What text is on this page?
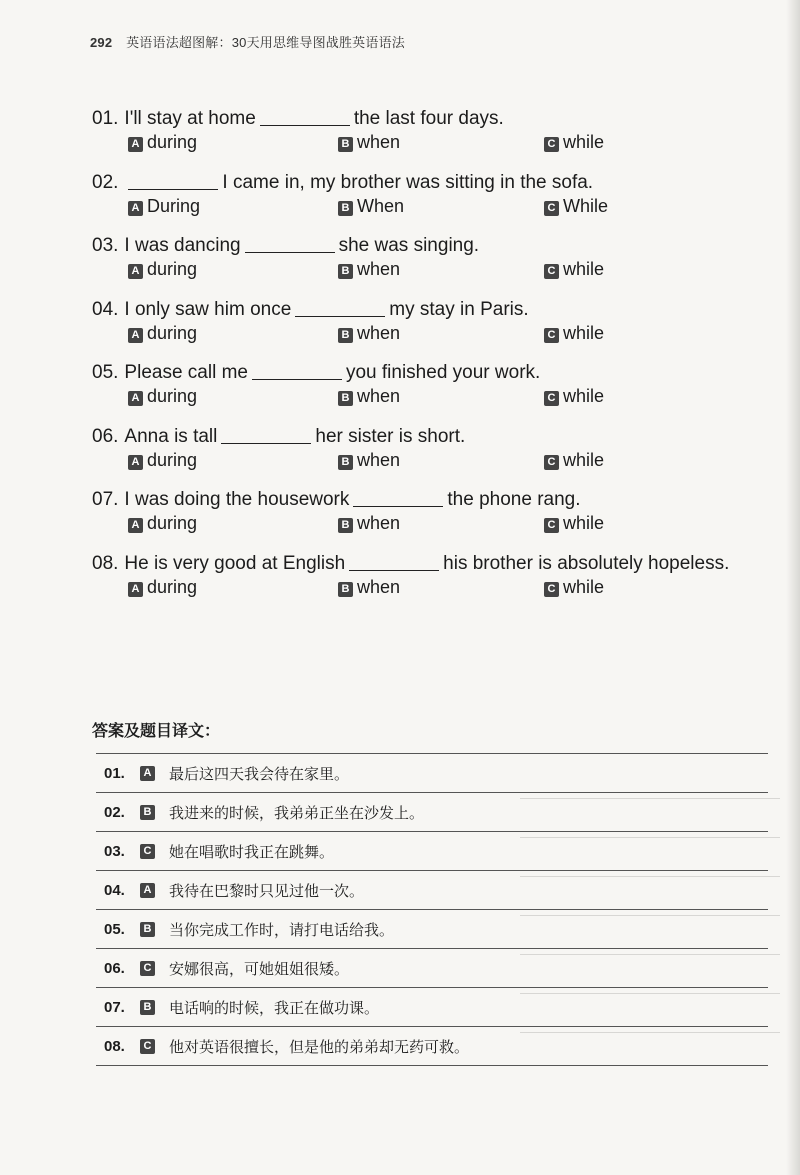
292 英语语法超图解：30天用思维导图战胜英语语法
01. I'll stay at home	the last four days.
A during	B when	C while
02.	I came in, my brother was sitting in the sofa.
A During	B When	C While
03. I was dancing	she was singing.
A during	B when	C while
04. I only saw him once	my stay in Paris.
A during	B when	C while
05. Please call me	you finished your work.
A during	B when	C while
06. Anna is tall	her sister is short.
A during	B when	C while
07. I was doing the housework	the phone rang.
A during	B when	C while
08. He is very good at English	his brother is absolutely hopeless.
A during	B when	C while
答案及题目译文：
01.	A 最后这四天我会待在家里。
02.	B 我进来的时候，我弟弟正坐在沙发上。
03.	C 她在唱歌时我正在跳舞。
04.	A 我待在巴黎时只见过他一次。
05.	B 当你完成工作时，请打电话给我。
06.	C 安娜很高，可她姐姐很矮。
07.	B 电话响的时候，我正在做功课。
08.	C 他对英语很擅长，但是他的弟弟却无药可救。
